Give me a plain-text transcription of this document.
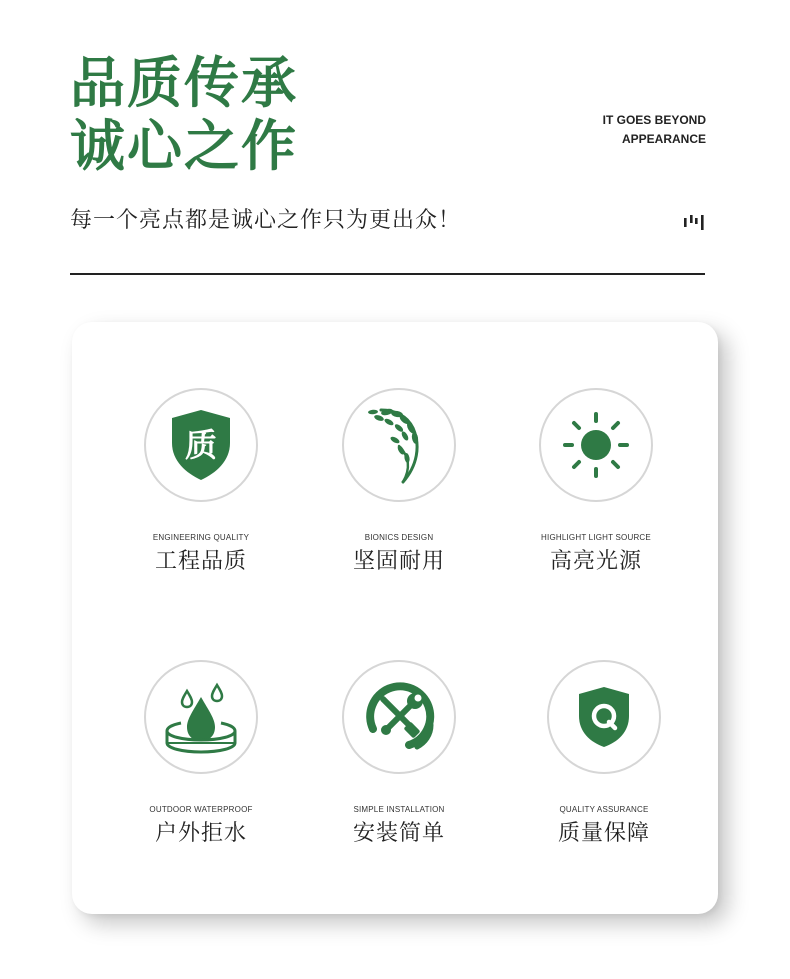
品质传承
诚心之作	IT GOES BEYOND
APPEARANCE

每一个亮点都是诚心之作只为更出众！

质
ENGINEERING QUALITY
工程品质
BIONICS DESIGN
坚固耐用
HIGHLIGHT LIGHT SOURCE
高亮光源
OUTDOOR WATERPROOF
户外拒水
SIMPLE INSTALLATION
安装简单
QUALITY ASSURANCE
质量保障
